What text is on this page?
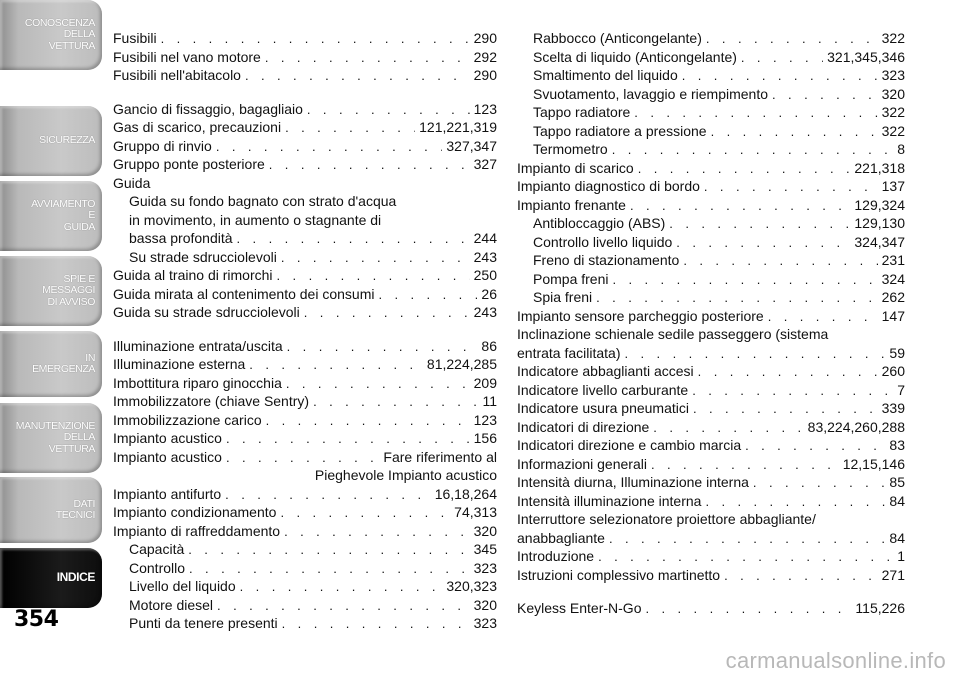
CONOSCENZA
DELLA
VETTURA
SICUREZZA
AVVIAMENTO
E
GUIDA
SPIE E
MESSAGGI
DI AVVISO
IN
EMERGENZA
MANUTENZIONE
DELLA
VETTURA
DATI
TECNICI
INDICE
354
Fusibili . . .	290
Fusibili nel vano motore . . .	292
Fusibili nell'abitacolo . . .	290
Gancio di fissaggio, bagagliaio . . .	123
Gas di scarico, precauzioni . . .	121,221,319
Gruppo di rinvio . . .	327,347
Gruppo ponte posteriore . . .	327
Guida
Guida su fondo bagnato con strato d'acqua
in movimento, in aumento o stagnante di
bassa profondità . . .	244
Su strade sdrucciolevoli . . .	243
Guida al traino di rimorchi . . .	250
Guida mirata al contenimento dei consumi . . .	26
Guida su strade sdrucciolevoli . . .	243
Illuminazione entrata/uscita . . .	86
Illuminazione esterna . . .	81,224,285
Imbottitura riparo ginocchia . . .	209
Immobilizzatore (chiave Sentry) . . .	11
Immobilizzazione carico . . .	123
Impianto acustico . . .	156
Impianto acustico . . .	Fare riferimento al
Pieghevole Impianto acustico
Impianto antifurto . . .	16,18,264
Impianto condizionamento . . .	74,313
Impianto di raffreddamento . . .	320
Capacità . . .	345
Controllo . . .	323
Livello del liquido . . .	320,323
Motore diesel . . .	320
Punti da tenere presenti . . .	323
Rabbocco (Anticongelante) . . .	322
Scelta di liquido (Anticongelante) . . .	321,345,346
Smaltimento del liquido . . .	323
Svuotamento, lavaggio e riempimento . . .	320
Tappo radiatore . . .	322
Tappo radiatore a pressione . . .	322
Termometro . . .	8
Impianto di scarico . . .	221,318
Impianto diagnostico di bordo . . .	137
Impianto frenante . . .	129,324
Antibloccaggio (ABS) . . .	129,130
Controllo livello liquido . . .	324,347
Freno di stazionamento . . .	231
Pompa freni . . .	324
Spia freni . . .	262
Impianto sensore parcheggio posteriore . . .	147
Inclinazione schienale sedile passeggero (sistema
entrata facilitata) . . .	59
Indicatore abbaglianti accesi . . .	260
Indicatore livello carburante . . .	7
Indicatore usura pneumatici . . .	339
Indicatori di direzione . . .	83,224,260,288
Indicatori direzione e cambio marcia . . .	83
Informazioni generali . . .	12,15,146
Intensità diurna, Illuminazione interna . . .	85
Intensità illuminazione interna . . .	84
Interruttore selezionatore proiettore abbagliante/
anabbagliante . . .	84
Introduzione . . .	1
Istruzioni complessivo martinetto . . .	271
Keyless Enter-N-Go . . .	115,226
carmanualsonline.info
